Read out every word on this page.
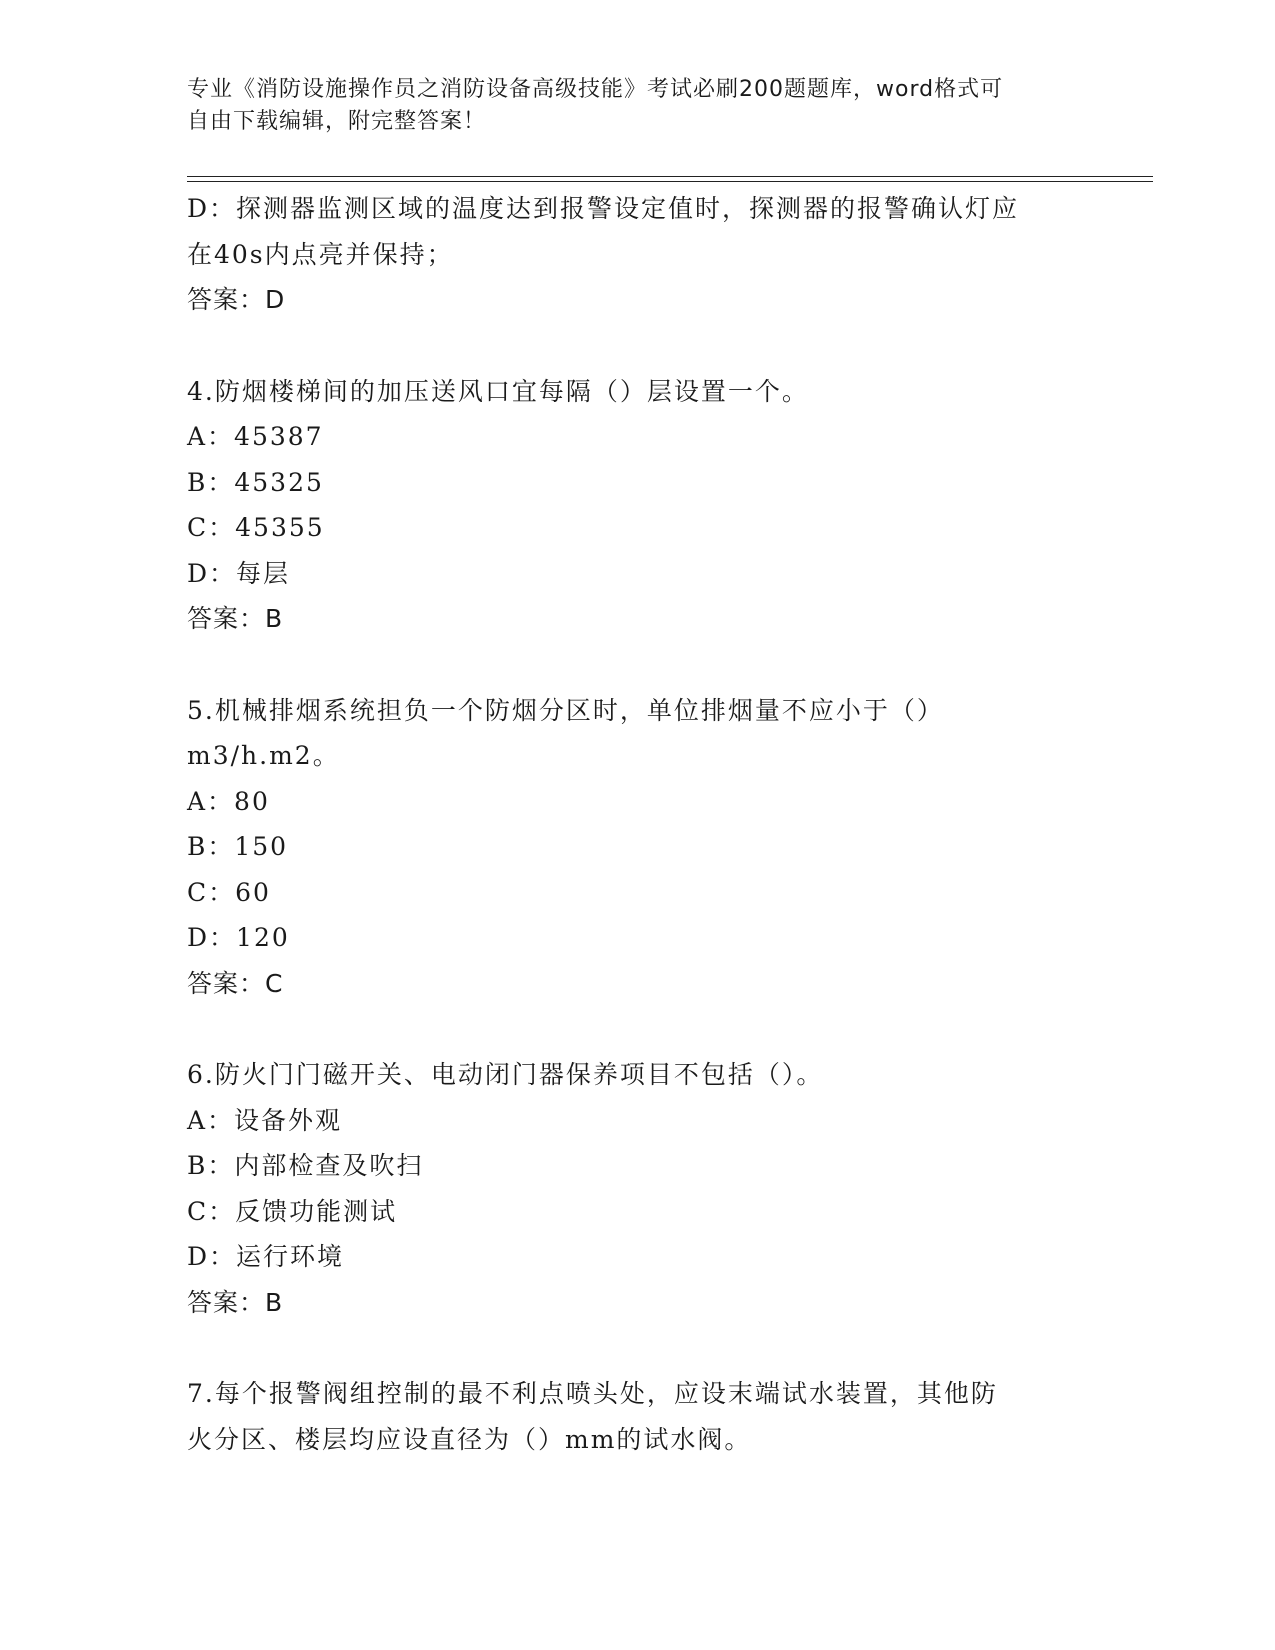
专业《消防设施操作员之消防设备高级技能》考试必刷200题题库，word格式可
自由下载编辑，附完整答案！
D：探测器监测区域的温度达到报警设定值时，探测器的报警确认灯应
在40s内点亮并保持；
答案：D
4.防烟楼梯间的加压送风口宜每隔（）层设置一个。
A：45387
B：45325
C：45355
D：每层
答案：B
5.机械排烟系统担负一个防烟分区时，单位排烟量不应小于（）
m3/h.m2。
A：80
B：150
C：60
D：120
答案：C
6.防火门门磁开关、电动闭门器保养项目不包括（）。
A：设备外观
B：内部检查及吹扫
C：反馈功能测试
D：运行环境
答案：B
7.每个报警阀组控制的最不利点喷头处，应设末端试水装置，其他防
火分区、楼层均应设直径为（）mm的试水阀。
